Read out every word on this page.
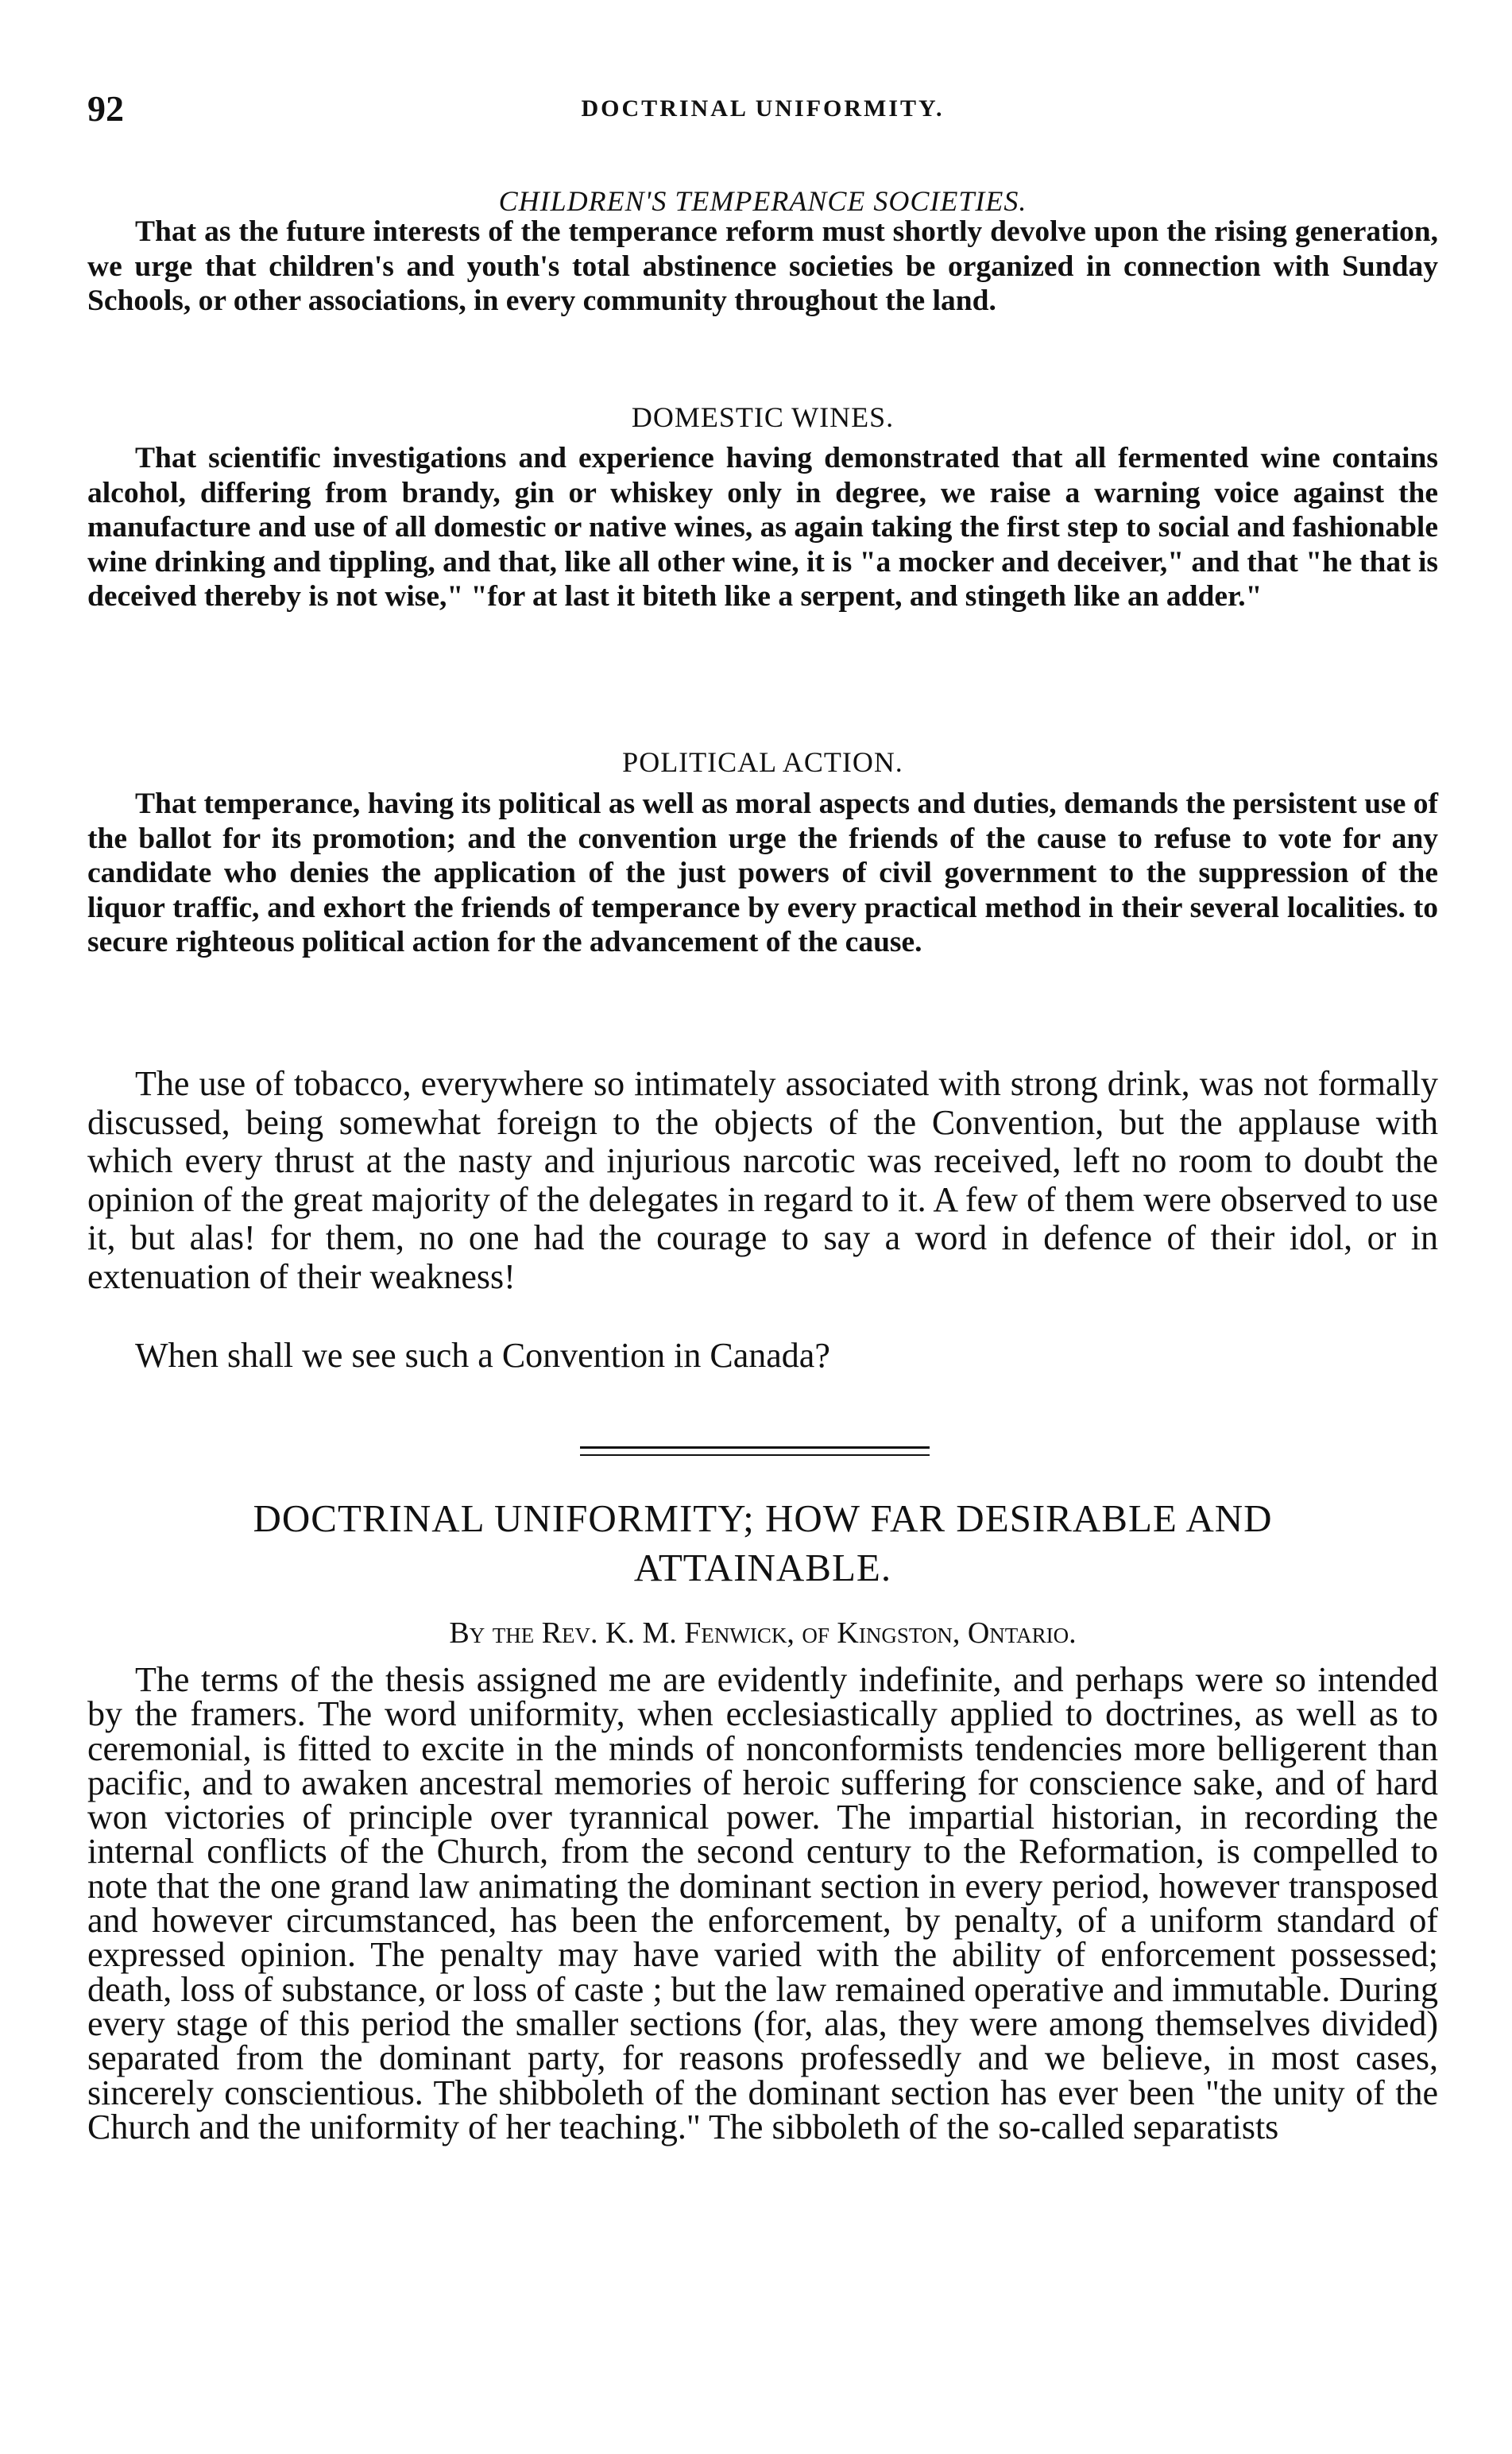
92	DOCTRINAL UNIFORMITY.
CHILDREN'S TEMPERANCE SOCIETIES.

That as the future interests of the temperance reform must shortly devolve upon the rising generation, we urge that children's and youth's total abstinence societies be organized in connection with Sunday Schools, or other associations, in every community throughout the land.

DOMESTIC WINES.

That scientific investigations and experience having demonstrated that all fermented wine contains alcohol, differing from brandy, gin or whiskey only in degree, we raise a warning voice against the manufacture and use of all domestic or native wines, as again taking the first step to social and fashionable wine drinking and tippling, and that, like all other wine, it is "a mocker and deceiver," and that "he that is deceived thereby is not wise," "for at last it biteth like a serpent, and stingeth like an adder."

POLITICAL ACTION.

That temperance, having its political as well as moral aspects and duties, demands the persistent use of the ballot for its promotion; and the convention urge the friends of the cause to refuse to vote for any candidate who denies the application of the just powers of civil government to the suppression of the liquor traffic, and exhort the friends of temperance by every practical method in their several localities. to secure righteous political action for the advancement of the cause.

The use of tobacco, everywhere so intimately associated with strong drink, was not formally discussed, being somewhat foreign to the objects of the Convention, but the applause with which every thrust at the nasty and injurious narcotic was received, left no room to doubt the opinion of the great majority of the delegates in regard to it. A few of them were observed to use it, but alas! for them, no one had the courage to say a word in defence of their idol, or in extenuation of their weakness!

When shall we see such a Convention in Canada?

DOCTRINAL UNIFORMITY; HOW FAR DESIRABLE AND ATTAINABLE.
By the Rev. K. M. Fenwick, of Kingston, Ontario.

The terms of the thesis assigned me are evidently indefinite, and perhaps were so intended by the framers. The word uniformity, when ecclesiastically applied to doctrines, as well as to ceremonial, is fitted to excite in the minds of nonconformists tendencies more belligerent than pacific, and to awaken ancestral memories of heroic suffering for conscience sake, and of hard won victories of principle over tyrannical power. The impartial historian, in recording the internal conflicts of the Church, from the second century to the Reformation, is compelled to note that the one grand law animating the dominant section in every period, however transposed and however circumstanced, has been the enforcement, by penalty, of a uniform standard of expressed opinion. The penalty may have varied with the ability of enforcement possessed; death, loss of substance, or loss of caste ; but the law remained operative and immutable. During every stage of this period the smaller sections (for, alas, they were among themselves divided) separated from the dominant party, for reasons professedly and we believe, in most cases, sincerely conscientious. The shibboleth of the dominant section has ever been "the unity of the Church and the uniformity of her teaching." The sibboleth of the so-called separatists
